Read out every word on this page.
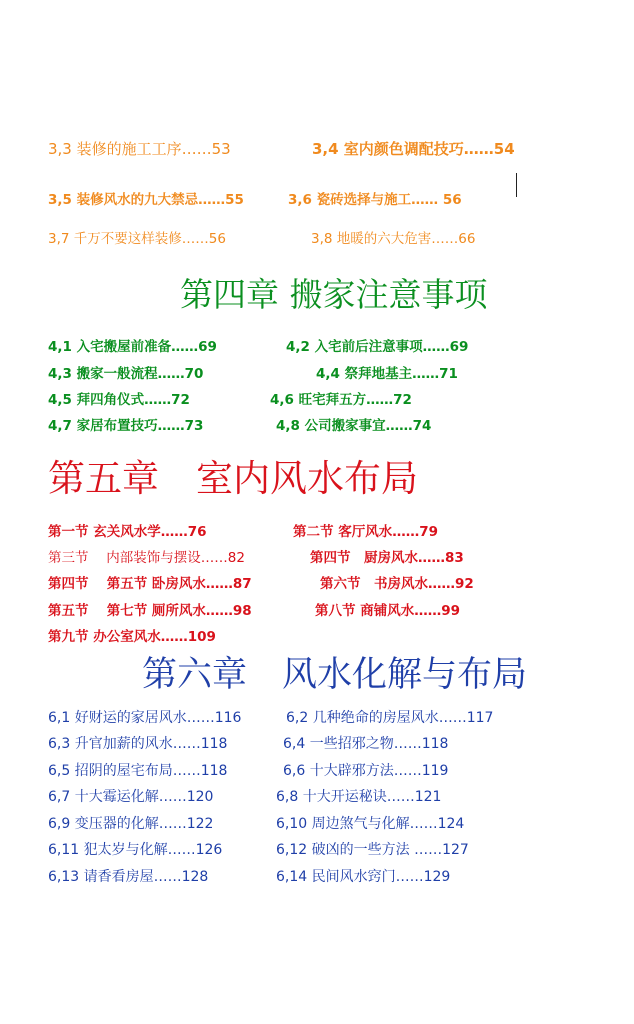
3,3 装修的施工工序……53	3,4 室内颜色调配技巧……54
3,5 装修风水的九大禁忌……55	3,6 瓷砖选择与施工…… 56
3,7 千万不要这样装修……56	3,8 地暖的六大危害……66
第四章 搬家注意事项
4,1 入宅搬屋前准备……69	4,2 入宅前后注意事项……69
4,3 搬家一般流程……70	4,4 祭拜地基主……71
4,5 拜四角仪式……72	4,6 旺宅拜五方……72
4,7 家居布置技巧……73	4,8 公司搬家事宜……74
第五章　室内风水布局
第一节 玄关风水学……76	第二节 客厅风水……79
第三节　 内部装饰与摆设……82	第四节　厨房风水……83
第四节　 第五节 卧房风水……87	第六节　书房风水……92
第五节　 第七节 厕所风水……98	第八节 商铺风水……99
第九节 办公室风水……109
第六章　风水化解与布局
6,1 好财运的家居风水……116	6,2 几种绝命的房屋风水……117
6,3 升官加薪的风水……118	6,4 一些招邪之物……118
6,5 招阴的屋宅布局……118	6,6 十大辟邪方法……119
6,7 十大霉运化解……120	6,8 十大开运秘诀……121
6,9 变压器的化解……122	6,10 周边煞气与化解……124
6,11 犯太岁与化解……126	6,12 破凶的一些方法 ……127
6,13 请香看房屋……128	6,14 民间风水窍门……129
